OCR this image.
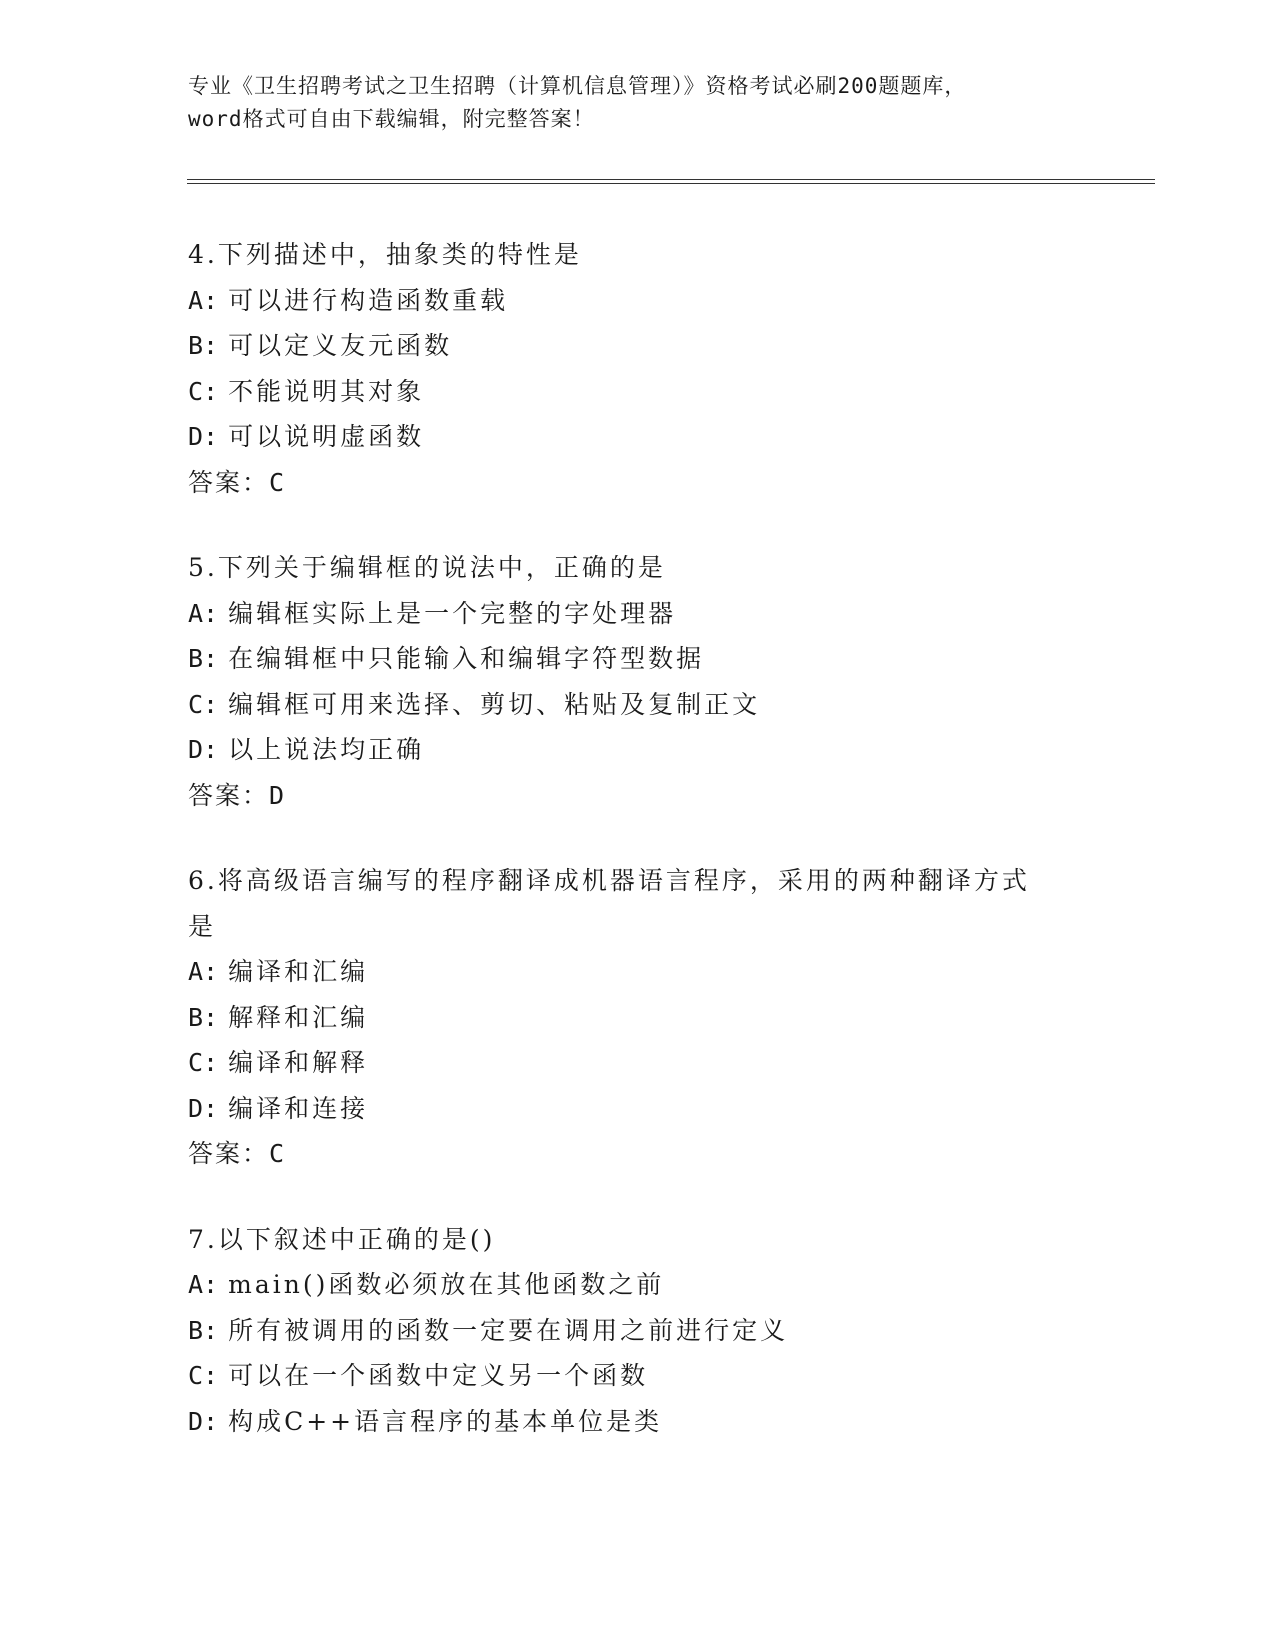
专业《卫生招聘考试之卫生招聘（计算机信息管理）》资格考试必刷200题题库，
word格式可自由下载编辑，附完整答案！

4.下列描述中，抽象类的特性是

A: 可以进行构造函数重载

B: 可以定义友元函数

C: 不能说明其对象

D: 可以说明虚函数

答案：C

5.下列关于编辑框的说法中，正确的是

A: 编辑框实际上是一个完整的字处理器

B: 在编辑框中只能输入和编辑字符型数据

C: 编辑框可用来选择、剪切、粘贴及复制正文

D: 以上说法均正确

答案：D

6.将高级语言编写的程序翻译成机器语言程序，采用的两种翻译方式是

A: 编译和汇编

B: 解释和汇编

C: 编译和解释

D: 编译和连接

答案：C

7.以下叙述中正确的是()

A: main()函数必须放在其他函数之前

B: 所有被调用的函数一定要在调用之前进行定义

C: 可以在一个函数中定义另一个函数

D: 构成C++语言程序的基本单位是类
